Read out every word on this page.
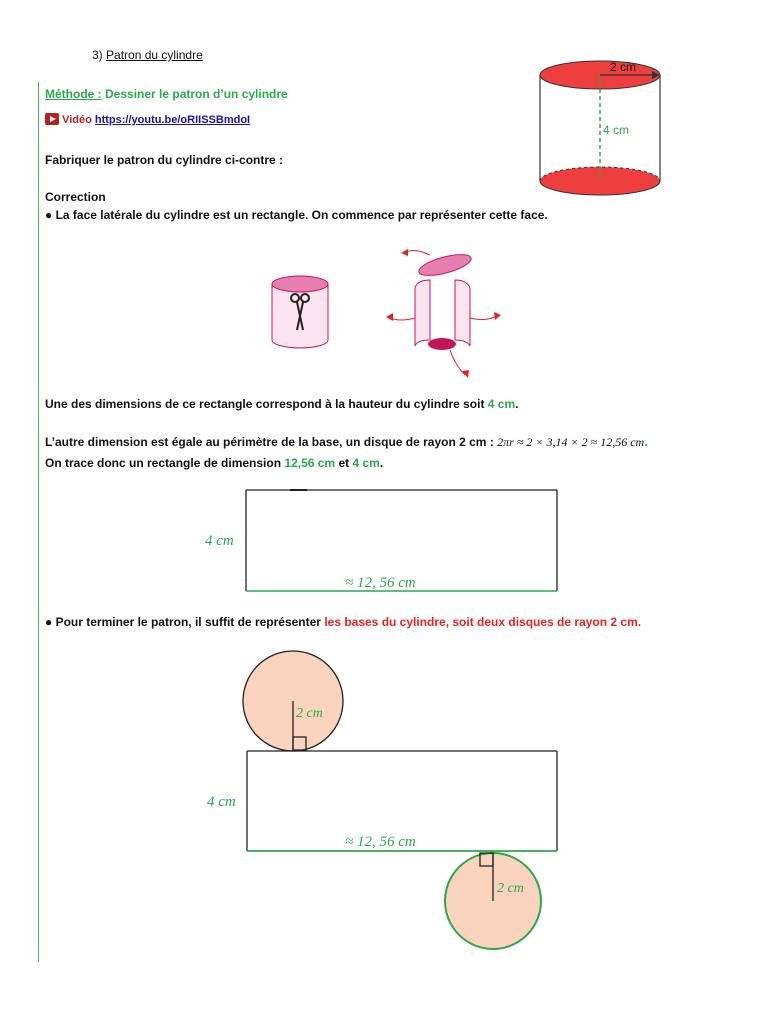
3) Patron du cylindre
Méthode : Dessiner le patron d’un cylindre
Vidéo https://youtu.be/oRIISSBmdoI
Fabriquer le patron du cylindre ci-contre :
Correction
● La face latérale du cylindre est un rectangle. On commence par représenter cette face.
2 cm
4 cm
Une des dimensions de ce rectangle correspond à la hauteur du cylindre soit 4 cm.
L’autre dimension est égale au périmètre de la base, un disque de rayon 2 cm : 2πr ≈ 2 × 3,14 × 2 ≈ 12,56 cm.
On trace donc un rectangle de dimension 12,56 cm et 4 cm.
4 cm
≈ 12, 56 cm
● Pour terminer le patron, il suffit de représenter les bases du cylindre, soit deux disques de rayon 2 cm.
2 cm
4 cm
≈ 12, 56 cm
2 cm
